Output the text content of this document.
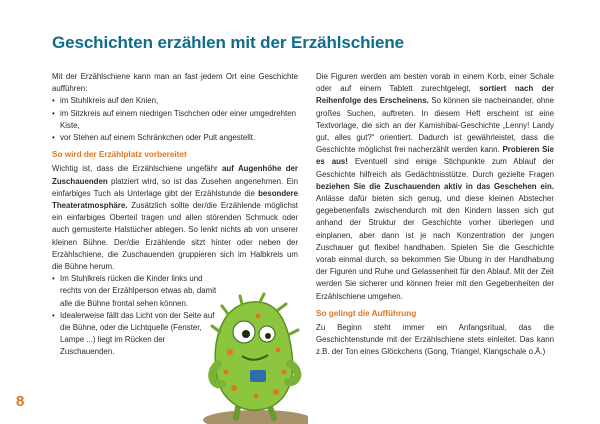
Geschichten erzählen mit der Erzählschiene

Mit der Erzählschiene kann man an fast jedem Ort eine Geschichte aufführen:

• im Stuhlkreis auf den Knien,
• im Sitzkreis auf einem niedrigen Tischchen oder einer umgedrehten Kiste,
• vor Stehen auf einem Schränkchen oder Pult angestellt.
So wird der Erzählplatz vorbereitet

Wichtig ist, dass die Erzählschiene ungefähr auf Augenhöhe der Zuschauenden platziert wird, so ist das Zusehen angenehmen. Ein einfarbiges Tuch als Unterlage gibt der Erzählstunde die besondere Theateratmosphäre. Zusätzlich sollte der/die Erzählende möglichst ein einfarbiges Oberteil tragen und allen störenden Schmuck oder auch gemusterte Halstücher ablegen. So lenkt nichts ab von unserer kleinen Bühne. Der/die Erzählende sitzt hinter oder neben der Erzählschiene, die Zuschauenden gruppieren sich im Halbkreis um die Bühne herum.

• Im Stuhlkreis rücken die Kinder links und rechts von der Erzählperson etwas ab, damit alle die Bühne frontal sehen können.
• Idealerweise fällt das Licht von der Seite auf die Bühne, oder die Lichtquelle (Fenster, Lampe ...) liegt im Rücken der Zuschauenden.

Die Figuren werden am besten vorab in einem Korb, einer Schale oder auf einem Tablett zurechtgelegt, sortiert nach der Reihenfolge des Erscheinens. So können sie nacheinander, ohne großes Suchen, auftreten. In diesem Heft erscheint ist eine Textvorlage, die sich an der Kamishibai-Geschichte „Lenny! Landy gut, alles gut?“ orientiert. Dadurch ist gewährleistet, dass die Geschichte möglichst frei nacherzählt werden kann. Probieren Sie es aus! Eventuell sind einige Stichpunkte zum Ablauf der Geschichte hilfreich als Gedächtnisstütze. Durch gezielte Fragen beziehen Sie die Zuschauenden aktiv in das Geschehen ein. Anlässe dafür bieten sich genug, und diese kleinen Abstecher gegebenenfalls zwischendurch mit den Kindern lassen sich gut anhand der Struktur der Geschichte vorher überlegen und einplanen, aber dann ist je nach Konzentration der jungen Zuschauer gut flexibel handhaben. Spielen Sie die Geschichte vorab einmal durch, so bekommen Sie Übung in der Handhabung der Figuren und Ruhe und Gelassenheit für den Ablauf. Mit der Zeit werden Sie sicherer und können freier mit den Gegebenheiten der Erzählschiene umgehen.

So gelingt die Aufführung

Zu Beginn steht immer ein Anfangsritual, das die Geschichtenstunde mit der Erzählschiene stets einleitet. Das kann z.B. der Ton eines Glöckchens (Gong, Triangel, Klangschale o.Ä.)

8
